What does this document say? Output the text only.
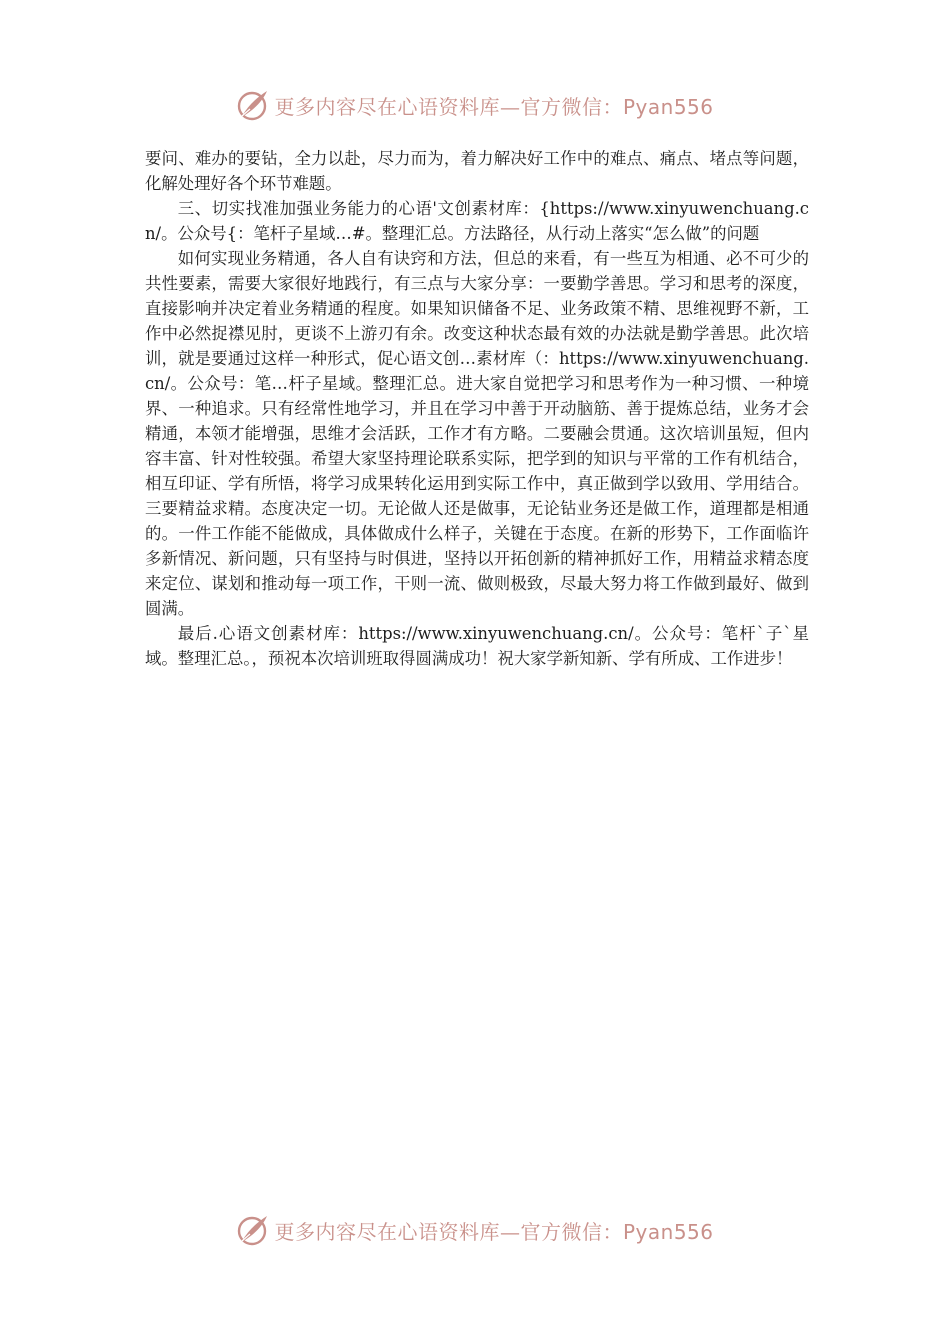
更多内容尽在心语资料库—官方微信：Pyan556

要问、难办的要钻，全力以赴，尽力而为，着力解决好工作中的难点、痛点、堵点等问题，化解处理好各个环节难题。

三、切实找准加强业务能力的心语'文创素材库：{https://www.xinyuwenchuang.cn/。公众号{：笔杆子星域…#。整理汇总。方法路径，从行动上落实“怎么做”的问题

如何实现业务精通，各人自有诀窍和方法，但总的来看，有一些互为相通、必不可少的共性要素，需要大家很好地践行，有三点与大家分享：一要勤学善思。学习和思考的深度，直接影响并决定着业务精通的程度。如果知识储备不足、业务政策不精、思维视野不新，工作中必然捉襟见肘，更谈不上游刃有余。改变这种状态最有效的办法就是勤学善思。此次培训，就是要通过这样一种形式，促心语文创…素材库（：https://www.xinyuwenchuang.cn/。公众号：笔…杆子星域。整理汇总。进大家自觉把学习和思考作为一种习惯、一种境界、一种追求。只有经常性地学习，并且在学习中善于开动脑筋、善于提炼总结，业务才会精通，本领才能增强，思维才会活跃，工作才有方略。二要融会贯通。这次培训虽短，但内容丰富、针对性较强。希望大家坚持理论联系实际，把学到的知识与平常的工作有机结合，相互印证、学有所悟，将学习成果转化运用到实际工作中，真正做到学以致用、学用结合。三要精益求精。态度决定一切。无论做人还是做事，无论钻业务还是做工作，道理都是相通的。一件工作能不能做成，具体做成什么样子，关键在于态度。在新的形势下，工作面临许多新情况、新问题，只有坚持与时俱进，坚持以开拓创新的精神抓好工作，用精益求精态度来定位、谋划和推动每一项工作，干则一流、做则极致，尽最大努力将工作做到最好、做到圆满。

最后.心语文创素材库：https://www.xinyuwenchuang.cn/。公众号：笔杆`子`星域。整理汇总。，预祝本次培训班取得圆满成功！祝大家学新知新、学有所成、工作进步！

更多内容尽在心语资料库—官方微信：Pyan556
